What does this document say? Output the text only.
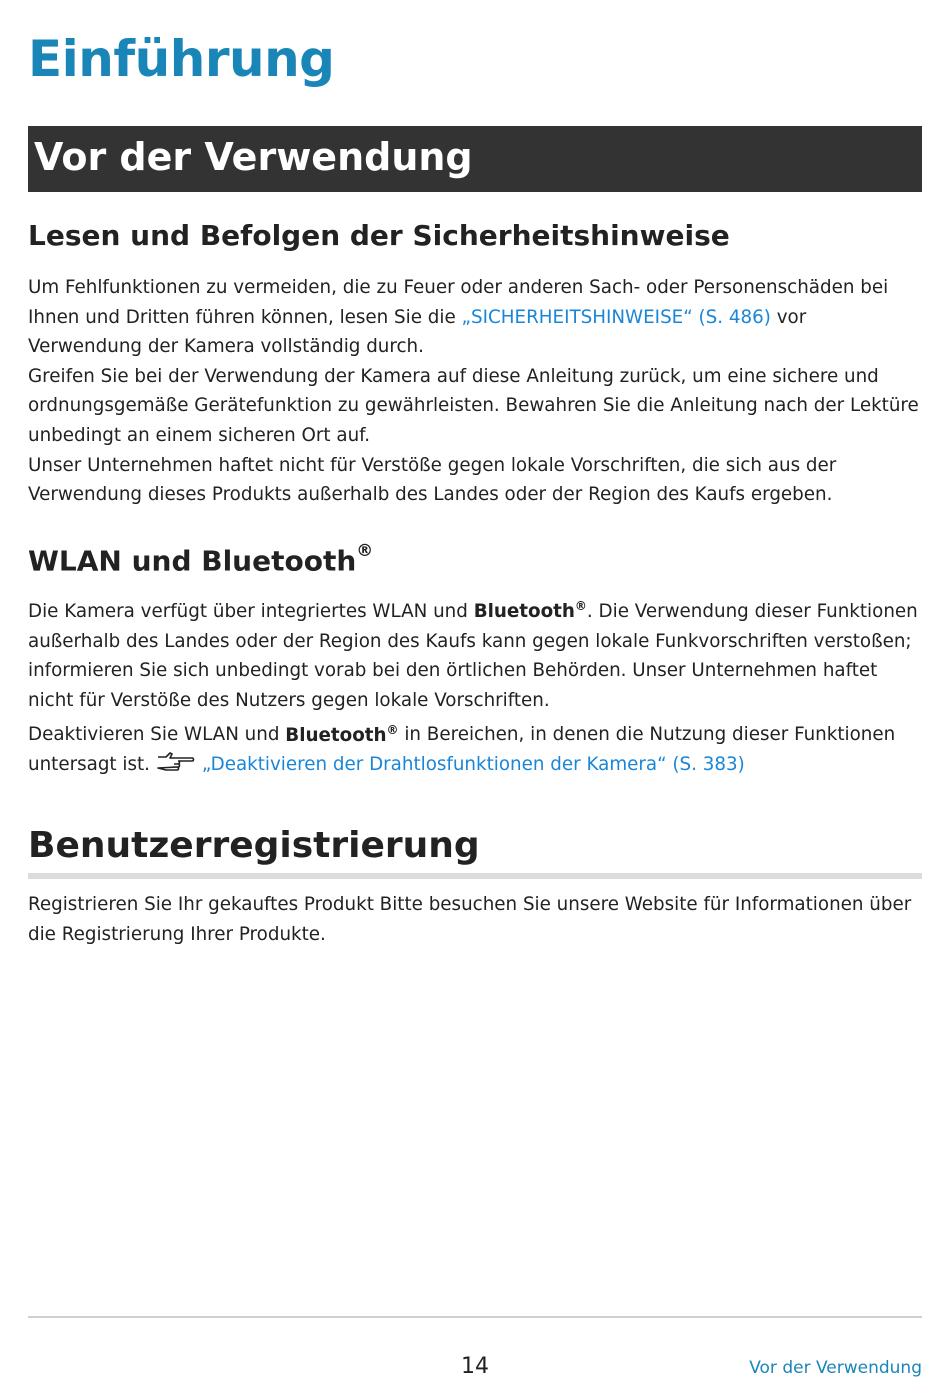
Einführung
Vor der Verwendung
Lesen und Befolgen der Sicherheitshinweise
Um Fehlfunktionen zu vermeiden, die zu Feuer oder anderen Sach- oder Personenschäden bei Ihnen und Dritten führen können, lesen Sie die „SICHERHEITSHINWEISE“ (S. 486) vor Verwendung der Kamera vollständig durch.
Greifen Sie bei der Verwendung der Kamera auf diese Anleitung zurück, um eine sichere und ordnungsgemäße Gerätefunktion zu gewährleisten. Bewahren Sie die Anleitung nach der Lektüre unbedingt an einem sicheren Ort auf.
Unser Unternehmen haftet nicht für Verstöße gegen lokale Vorschriften, die sich aus der Verwendung dieses Produkts außerhalb des Landes oder der Region des Kaufs ergeben.
WLAN und Bluetooth®
Die Kamera verfügt über integriertes WLAN und Bluetooth®. Die Verwendung dieser Funktionen außerhalb des Landes oder der Region des Kaufs kann gegen lokale Funkvorschriften verstoßen; informieren Sie sich unbedingt vorab bei den örtlichen Behörden. Unser Unternehmen haftet nicht für Verstöße des Nutzers gegen lokale Vorschriften.
Deaktivieren Sie WLAN und Bluetooth® in Bereichen, in denen die Nutzung dieser Funktionen untersagt ist.	„Deaktivieren der Drahtlosfunktionen der Kamera“ (S. 383)
Benutzerregistrierung
Registrieren Sie Ihr gekauftes Produkt Bitte besuchen Sie unsere Website für Informationen über die Registrierung Ihrer Produkte.
14	Vor der Verwendung
